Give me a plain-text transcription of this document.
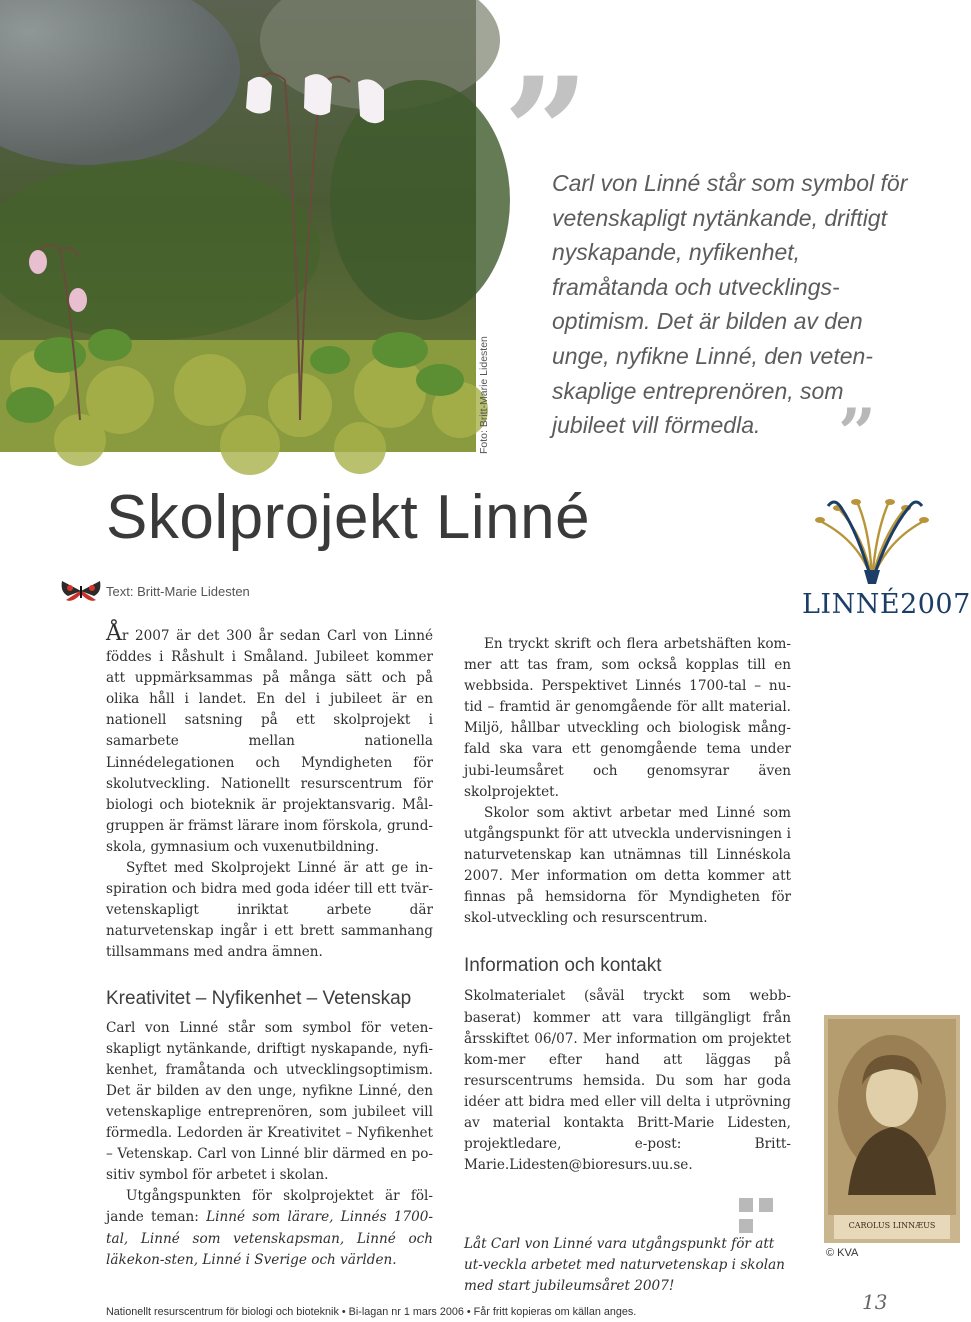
Foto: Britt-Marie Lidesten
”

Carl von Linné står som symbol för vetenskapligt nytänkande, driftigt nyskapande, nyfikenhet, framåtanda och utvecklings-optimism. Det är bilden av den unge, nyfikne Linné, den veten-skaplige entreprenören, som jubileet vill förmedla.	”
Skolprojekt Linné
Text: Britt-Marie Lidesten	LINNÉ2007

År 2007 är det 300 år sedan Carl von Linné föddes i Råshult i Småland. Jubileet kommer att uppmärksammas på många sätt och på olika håll i landet. En del i jubileet är en nationell satsning på ett skolprojekt i samarbete mellan nationella Linnédelegationen och Myndigheten för skolutveckling. Nationellt resurscentrum för biologi och bioteknik är projektansvarig. Mål-gruppen är främst lärare inom förskola, grund-skola, gymnasium och vuxenutbildning.

Syftet med Skolprojekt Linné är att ge in-spiration och bidra med goda idéer till ett tvär-vetenskapligt inriktat arbete där naturvetenskap ingår i ett brett sammanhang tillsammans med andra ämnen.

Kreativitet – Nyfikenhet – Vetenskap

Carl von Linné står som symbol för veten-skapligt nytänkande, driftigt nyskapande, nyfi-kenhet, framåtanda och utvecklingsoptimism. Det är bilden av den unge, nyfikne Linné, den vetenskaplige entreprenören, som jubileet vill förmedla. Ledorden är Kreativitet – Nyfikenhet – Vetenskap. Carl von Linné blir därmed en po-sitiv symbol för arbetet i skolan.

Utgångspunkten för skolprojektet är föl-jande teman: Linné som lärare, Linnés 1700-tal, Linné som vetenskapsman, Linné och läkekon-sten, Linné i Sverige och världen.

En tryckt skrift och flera arbetshäften kom-mer att tas fram, som också kopplas till en webbsida. Perspektivet Linnés 1700-tal – nu-tid – framtid är genomgående för allt material. Miljö, hållbar utveckling och biologisk mång-fald ska vara ett genomgående tema under jubi-leumsåret och genomsyrar även skolprojektet.

Skolor som aktivt arbetar med Linné som utgångspunkt för att utveckla undervisningen i naturvetenskap kan utnämnas till Linnéskola 2007. Mer information om detta kommer att finnas på hemsidorna för Myndigheten för skol-utveckling och resurscentrum.

Information och kontakt

Skolmaterialet (såväl tryckt som webb-baserat) kommer att vara tillgängligt från årsskiftet 06/07. Mer information om projektet kom-mer efter hand att läggas på resurscentrums hemsida. Du som har goda idéer att bidra med eller vill delta i utprövning av material kontakta Britt-Marie Lidesten, projektledare, e-post: Britt-Marie.Lidesten@bioresurs.uu.se.

Låt Carl von Linné vara utgångspunkt för att ut-veckla arbetet med naturvetenskap i skolan med start jubileumsåret 2007!

CAROLUS LINNÆUS
© KVA
Nationellt resurscentrum för biologi och bioteknik • Bi-lagan nr 1 mars 2006 • Får fritt kopieras om källan anges.	13
